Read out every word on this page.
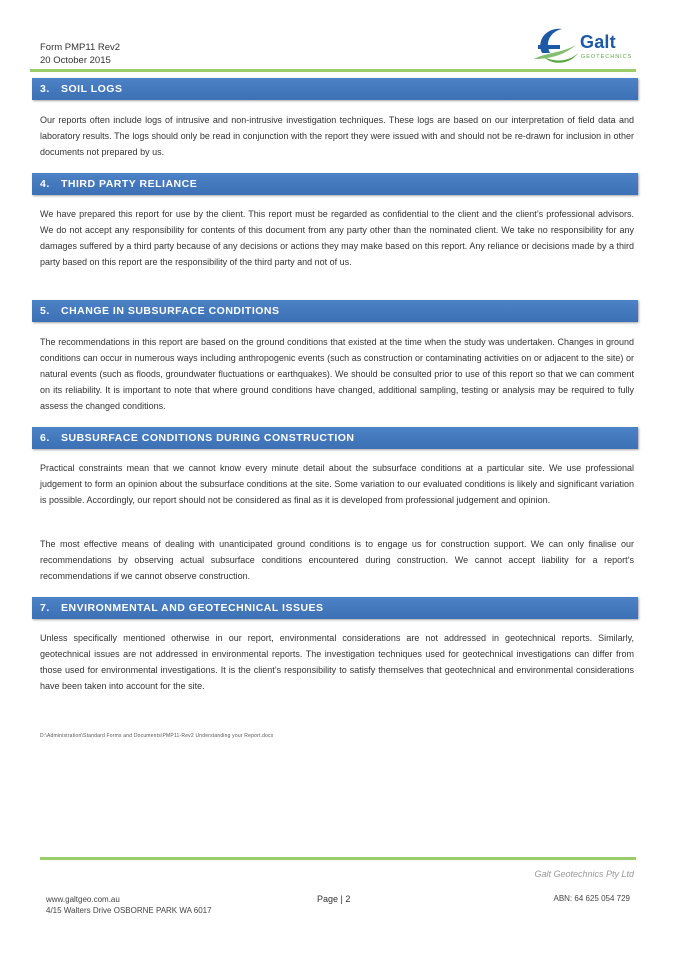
Form PMP11 Rev2
20 October 2015
Galt
GEOTECHNICS
3. SOIL LOGS

Our reports often include logs of intrusive and non-intrusive investigation techniques. These logs are based on our interpretation of field data and laboratory results. The logs should only be read in conjunction with the report they were issued with and should not be re-drawn for inclusion in other documents not prepared by us.

4. THIRD PARTY RELIANCE

We have prepared this report for use by the client. This report must be regarded as confidential to the client and the client’s professional advisors. We do not accept any responsibility for contents of this document from any party other than the nominated client. We take no responsibility for any damages suffered by a third party because of any decisions or actions they may make based on this report. Any reliance or decisions made by a third party based on this report are the responsibility of the third party and not of us.

5. CHANGE IN SUBSURFACE CONDITIONS

The recommendations in this report are based on the ground conditions that existed at the time when the study was undertaken. Changes in ground conditions can occur in numerous ways including anthropogenic events (such as construction or contaminating activities on or adjacent to the site) or natural events (such as floods, groundwater fluctuations or earthquakes). We should be consulted prior to use of this report so that we can comment on its reliability. It is important to note that where ground conditions have changed, additional sampling, testing or analysis may be required to fully assess the changed conditions.

6. SUBSURFACE CONDITIONS DURING CONSTRUCTION

Practical constraints mean that we cannot know every minute detail about the subsurface conditions at a particular site. We use professional judgement to form an opinion about the subsurface conditions at the site. Some variation to our evaluated conditions is likely and significant variation is possible. Accordingly, our report should not be considered as final as it is developed from professional judgement and opinion.

The most effective means of dealing with unanticipated ground conditions is to engage us for construction support. We can only finalise our recommendations by observing actual subsurface conditions encountered during construction. We cannot accept liability for a report’s recommendations if we cannot observe construction.

7. ENVIRONMENTAL AND GEOTECHNICAL ISSUES

Unless specifically mentioned otherwise in our report, environmental considerations are not addressed in geotechnical reports. Similarly, geotechnical issues are not addressed in environmental reports. The investigation techniques used for geotechnical investigations can differ from those used for environmental investigations. It is the client’s responsibility to satisfy themselves that geotechnical and environmental considerations have been taken into account for the site.

D:\Administration\Standard Forms and Documents\PMP11-Rev2 Understanding your Report.docx
Galt Geotechnics Pty Ltd
www.galtgeo.com.au
4/15 Walters Drive OSBORNE PARK WA 6017
Page | 2	ABN: 64 625 054 729
